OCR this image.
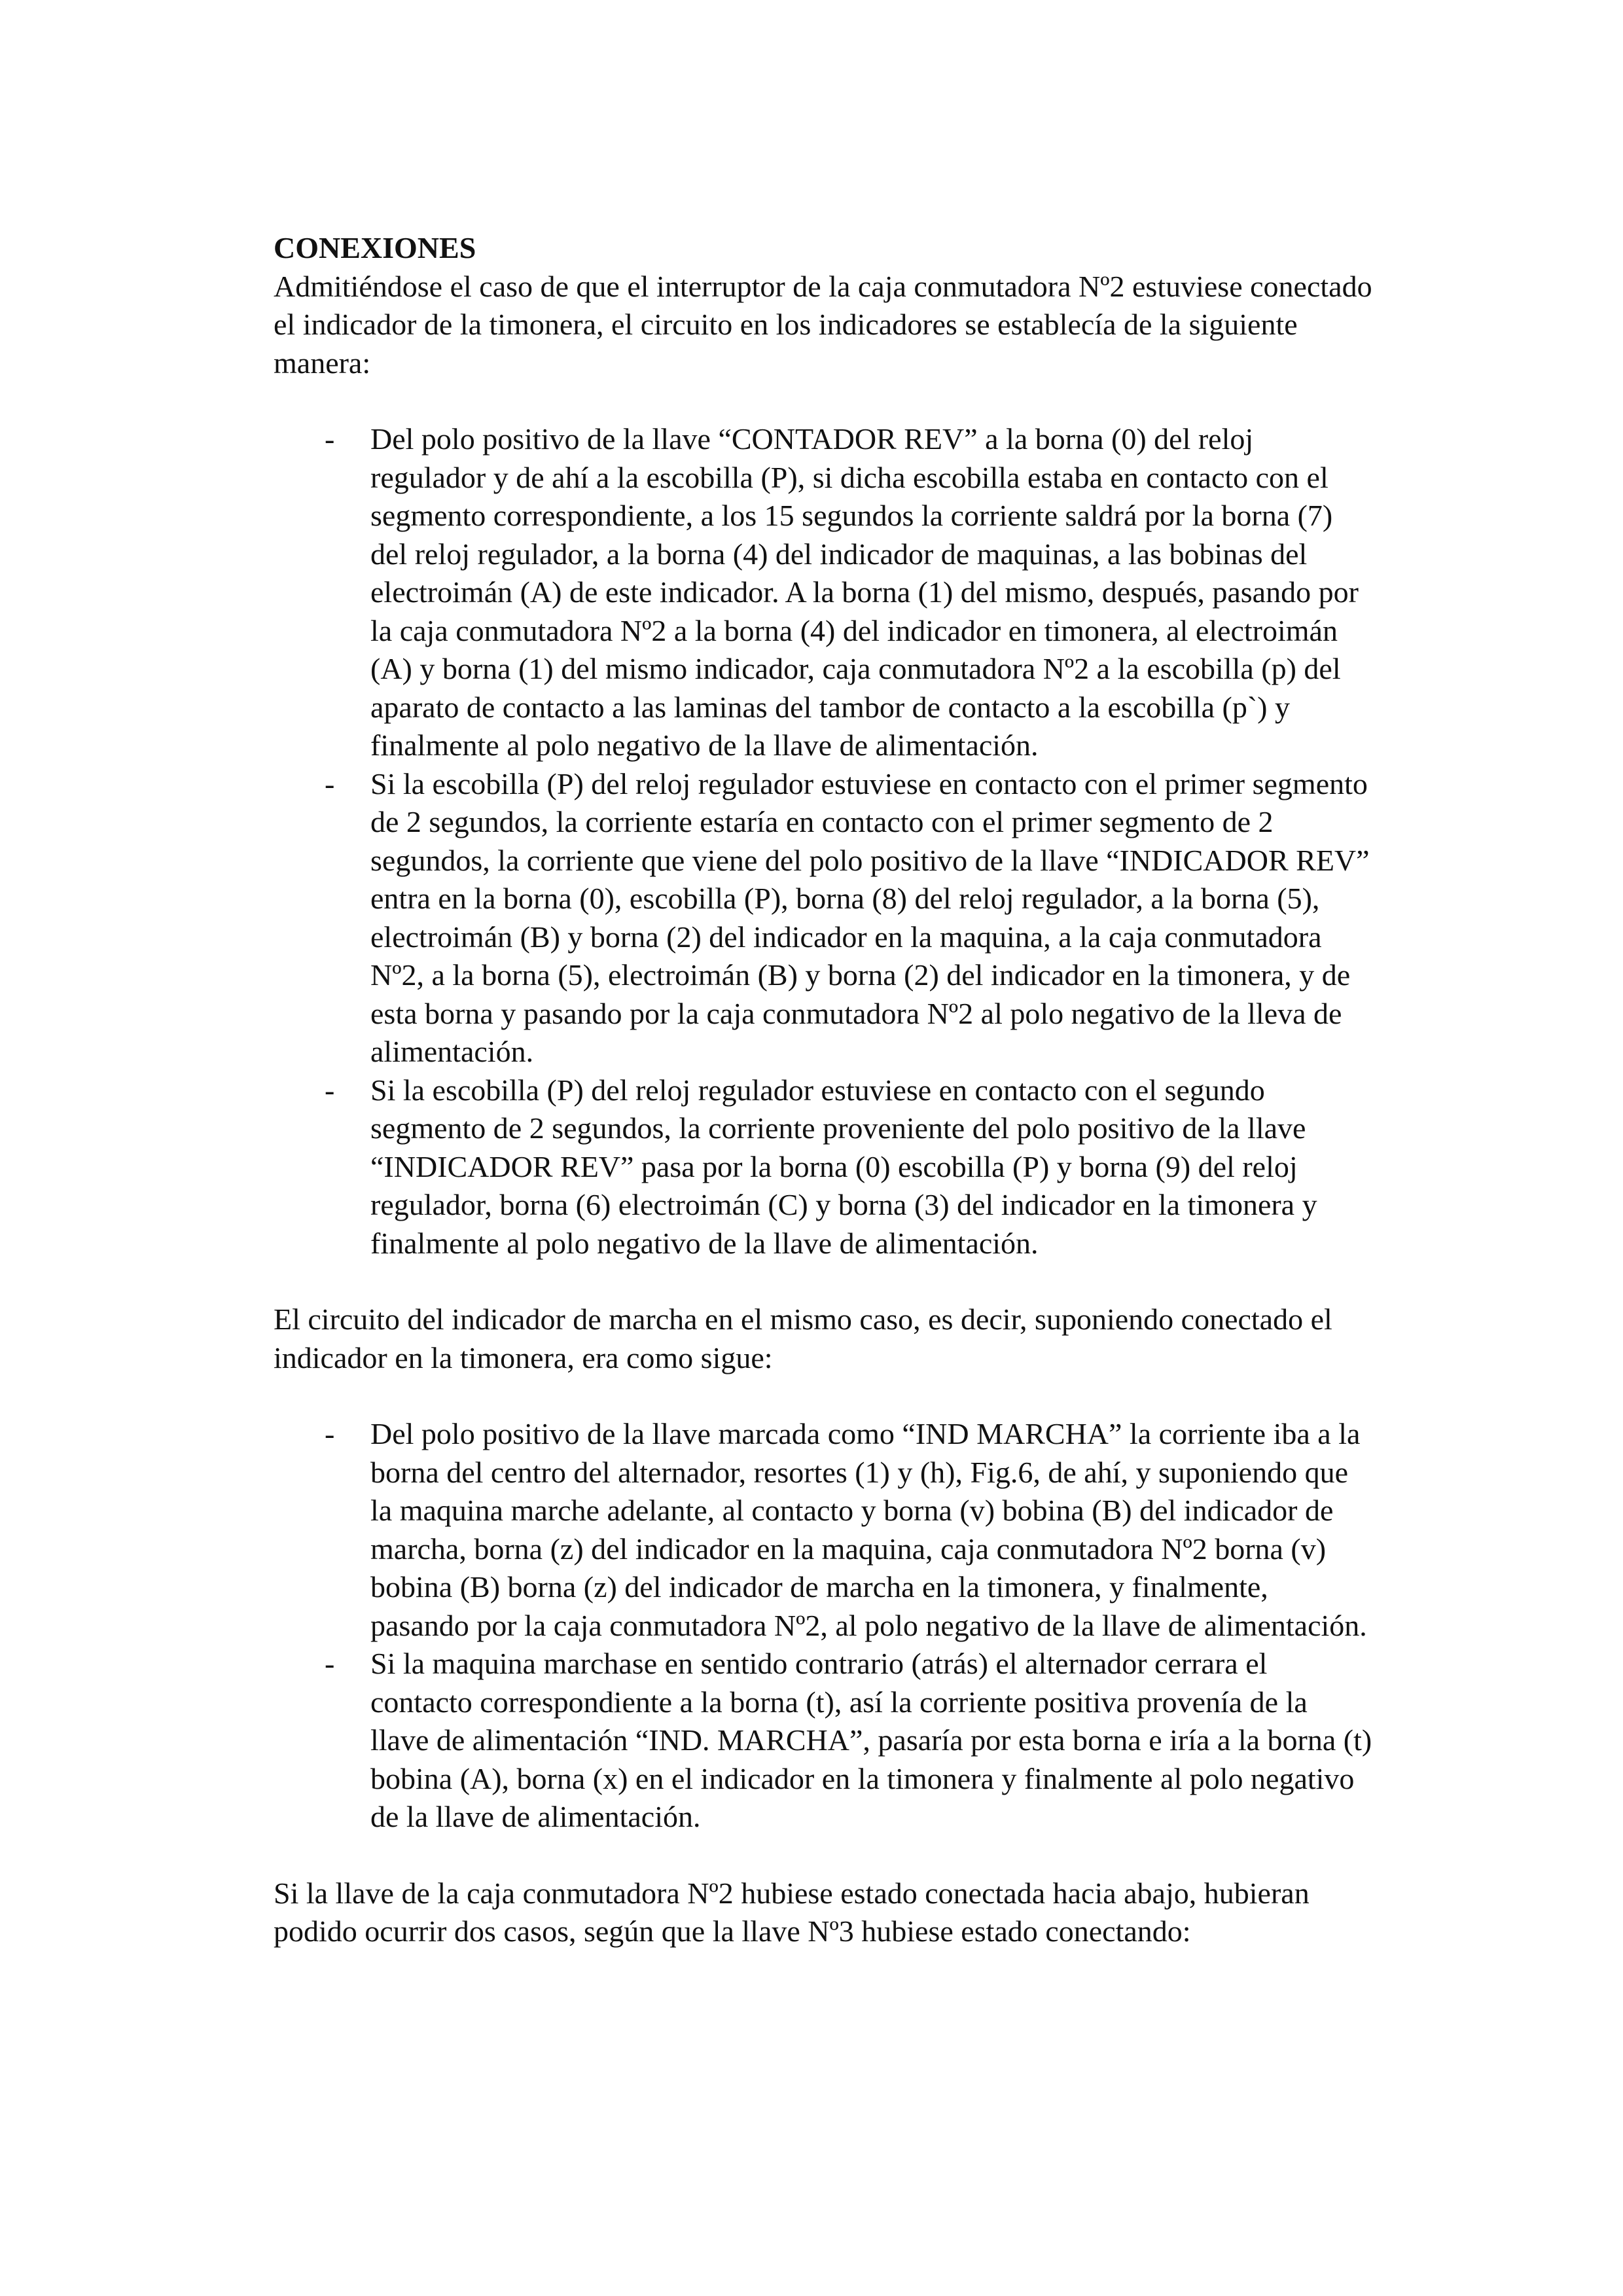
CONEXIONES

Admitiéndose el caso de que el interruptor de la caja conmutadora Nº2 estuviese conectado el indicador de la timonera, el circuito en los indicadores se establecía de la siguiente manera:

- Del polo positivo de la llave “CONTADOR REV” a la borna (0) del reloj regulador y de ahí a la escobilla (P), si dicha escobilla estaba en contacto con el segmento correspondiente, a los 15 segundos la corriente saldrá por la borna (7) del reloj regulador, a la borna (4) del indicador de maquinas, a las bobinas del electroimán (A) de este indicador. A la borna (1) del mismo, después, pasando por la caja conmutadora Nº2 a la borna (4) del indicador en timonera, al electroimán (A) y borna (1) del mismo indicador, caja conmutadora Nº2 a la escobilla (p) del aparato de contacto a las laminas del tambor de contacto a la escobilla (p`) y finalmente al polo negativo de la llave de alimentación.
- Si la escobilla (P) del reloj regulador estuviese en contacto con el primer segmento de 2 segundos, la corriente estaría en contacto con el primer segmento de 2 segundos, la corriente que viene del polo positivo de la llave “INDICADOR REV” entra en la borna (0), escobilla (P), borna (8) del reloj regulador, a la borna (5), electroimán (B) y borna (2) del indicador en la maquina, a la caja conmutadora Nº2, a la borna (5), electroimán (B) y borna (2) del indicador en la timonera, y de esta borna y pasando por la caja conmutadora Nº2 al polo negativo de la lleva de alimentación.
- Si la escobilla (P) del reloj regulador estuviese en contacto con el segundo segmento de 2 segundos, la corriente proveniente del polo positivo de la llave “INDICADOR REV” pasa por la borna (0) escobilla (P) y borna (9) del reloj regulador, borna (6) electroimán (C) y borna (3) del indicador en la timonera y finalmente al polo negativo de la llave de alimentación.

El circuito del indicador de marcha en el mismo caso, es decir, suponiendo conectado el indicador en la timonera, era como sigue:

- Del polo positivo de la llave marcada como “IND MARCHA” la corriente iba a la borna del centro del alternador, resortes (1) y (h), Fig.6, de ahí, y suponiendo que la maquina marche adelante, al contacto y borna (v) bobina (B) del indicador de marcha, borna (z) del indicador en la maquina, caja conmutadora Nº2 borna (v) bobina (B) borna (z) del indicador de marcha en la timonera, y finalmente, pasando por la caja conmutadora Nº2, al polo negativo de la llave de alimentación.
- Si la maquina marchase en sentido contrario (atrás) el alternador cerrara el contacto correspondiente a la borna (t), así la corriente positiva provenía de la llave de alimentación “IND. MARCHA”, pasaría por esta borna e iría a la borna (t) bobina (A), borna (x) en el indicador en la timonera y finalmente al polo negativo de la llave de alimentación.

Si la llave de la caja conmutadora Nº2 hubiese estado conectada hacia abajo, hubieran podido ocurrir dos casos, según que la llave Nº3 hubiese estado conectando:
